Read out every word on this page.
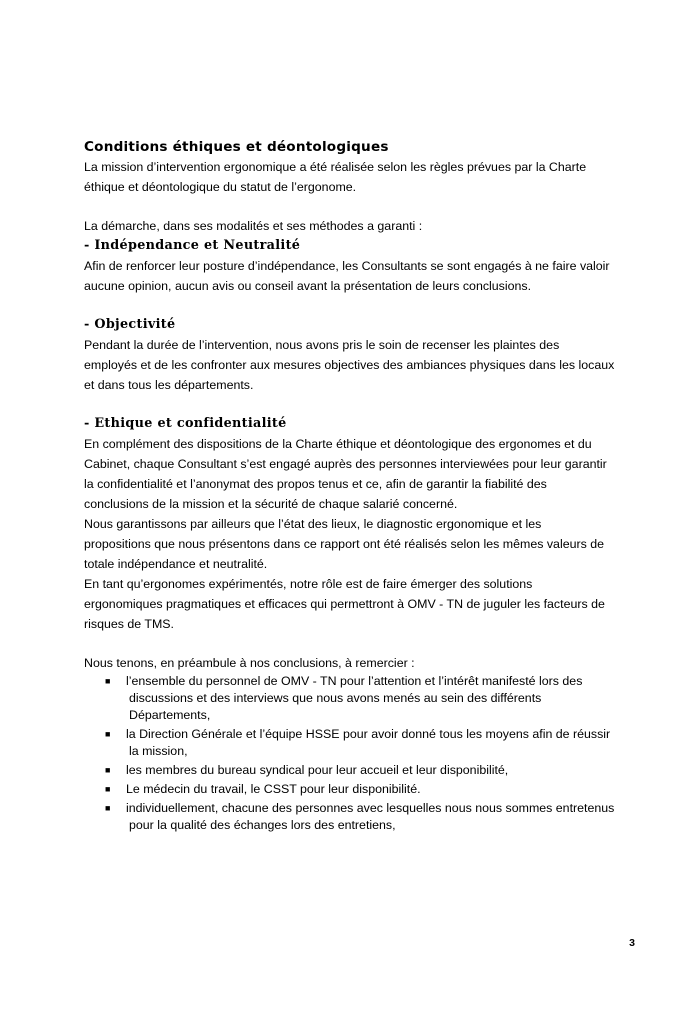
Conditions éthiques et déontologiques
La mission d’intervention ergonomique a été réalisée selon les règles prévues par la Charte
éthique et déontologique du statut de l’ergonome.
La démarche, dans ses modalités et ses méthodes a garanti :
- Indépendance et Neutralité
Afin de renforcer leur posture d’indépendance, les Consultants se sont engagés à ne faire valoir
aucune opinion, aucun avis ou conseil avant la présentation de leurs conclusions.
- Objectivité
Pendant la durée de l’intervention, nous avons pris le soin de recenser les plaintes des
employés et de les confronter aux mesures objectives des ambiances physiques dans les locaux
et dans tous les départements.
- Ethique et confidentialité
En complément des dispositions de la Charte éthique et déontologique des ergonomes et du
Cabinet, chaque Consultant s’est engagé auprès des personnes interviewées pour leur garantir
la confidentialité et l’anonymat des propos tenus et ce, afin de garantir la fiabilité des
conclusions de la mission et la sécurité de chaque salarié concerné.
Nous garantissons par ailleurs que l’état des lieux, le diagnostic ergonomique et les
propositions que nous présentons dans ce rapport ont été réalisés selon les mêmes valeurs de
totale indépendance et neutralité.
En tant qu’ergonomes expérimentés, notre rôle est de faire émerger des solutions
ergonomiques pragmatiques et efficaces qui permettront à OMV - TN de juguler les facteurs de
risques de TMS.
Nous tenons, en préambule à nos conclusions, à remercier :
■ l’ensemble du personnel de OMV - TN pour l’attention et l’intérêt manifesté lors des
discussions et des interviews que nous avons menés au sein des différents
Départements,
■ la Direction Générale et l’équipe HSSE pour avoir donné tous les moyens afin de réussir
la mission,
■ les membres du bureau syndical pour leur accueil et leur disponibilité,
■ Le médecin du travail, le CSST pour leur disponibilité.
■ individuellement, chacune des personnes avec lesquelles nous nous sommes entretenus
pour la qualité des échanges lors des entretiens,
3
